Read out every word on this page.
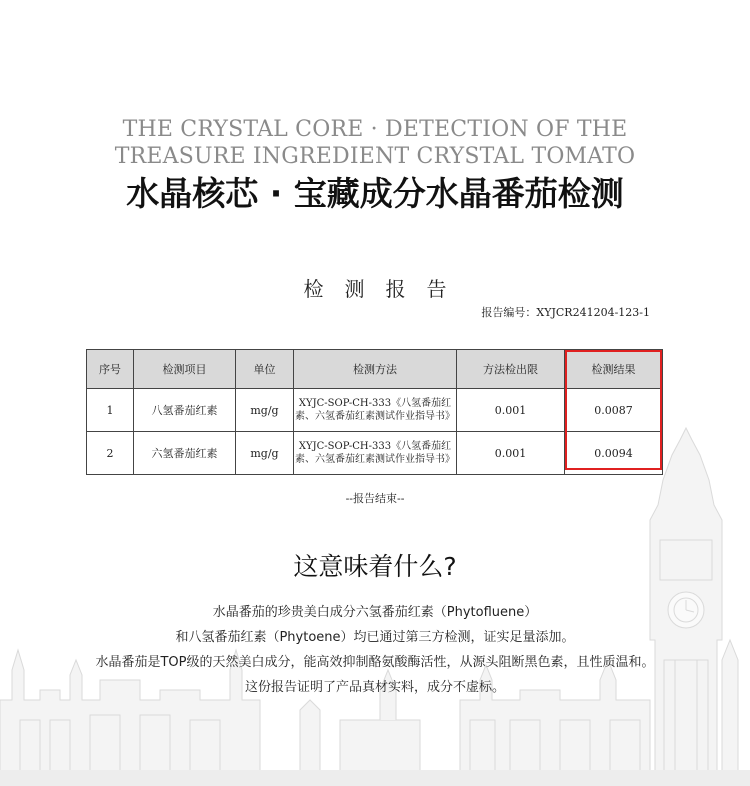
THE CRYSTAL CORE · DETECTION OF THE
TREASURE INGREDIENT CRYSTAL TOMATO
水晶核芯 · 宝藏成分水晶番茄检测
检测报告
报告编号：XYJCR241204-123-1
序号	检测项目	单位	检测方法	方法检出限	检测结果
1	八氢番茄红素	mg/g	XYJC-SOP-CH-333《八氢番茄红素、六氢番茄红素测试作业指导书》	0.001	0.0087
2	六氢番茄红素	mg/g	XYJC-SOP-CH-333《八氢番茄红素、六氢番茄红素测试作业指导书》	0.001	0.0094
--报告结束--
这意味着什么?
水晶番茄的珍贵美白成分六氢番茄红素（Phytofluene）
和八氢番茄红素（Phytoene）均已通过第三方检测，证实足量添加。
水晶番茄是TOP级的天然美白成分，能高效抑制酪氨酸酶活性，从源头阻断黑色素，且性质温和。
这份报告证明了产品真材实料，成分不虚标。
